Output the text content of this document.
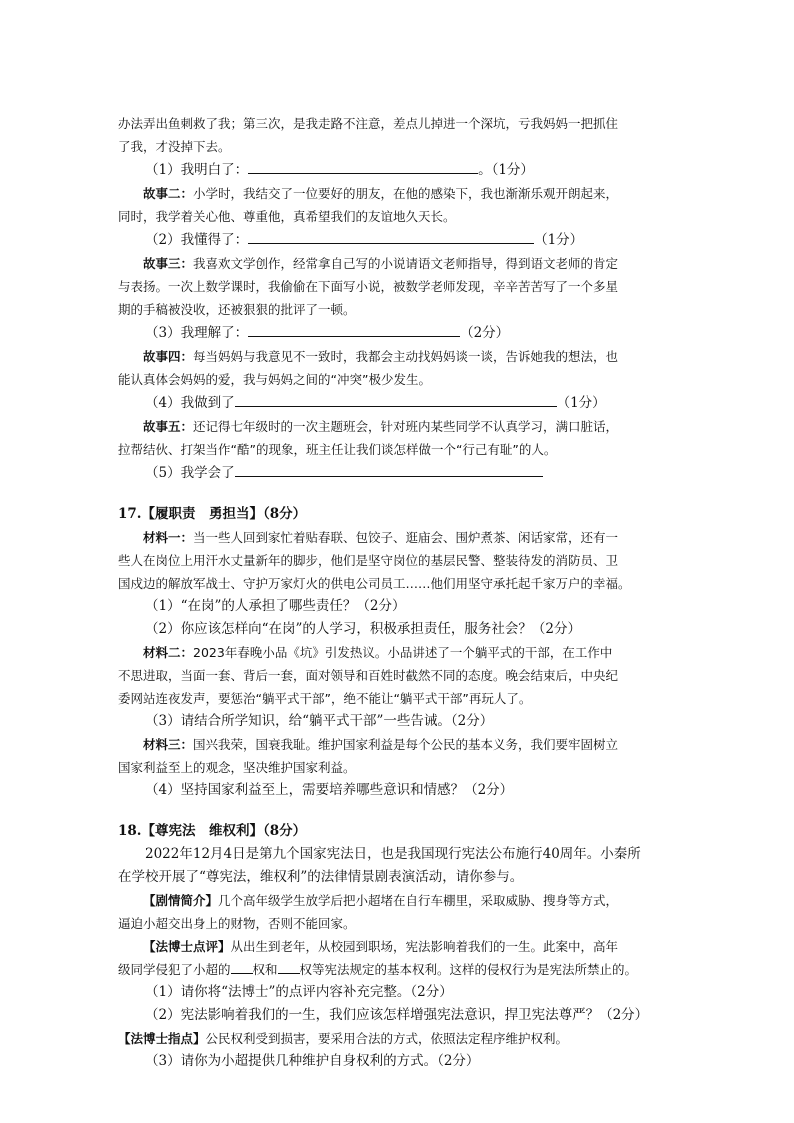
办法弄出鱼刺救了我；第三次，是我走路不注意，差点儿掉进一个深坑，亏我妈妈一把抓住

了我，才没掉下去。

（1）我明白了：	。（1分）

故事二：小学时，我结交了一位要好的朋友，在他的感染下，我也渐渐乐观开朗起来，

同时，我学着关心他、尊重他，真希望我们的友谊地久天长。

（2）我懂得了：	（1分）

故事三：我喜欢文学创作，经常拿自己写的小说请语文老师指导，得到语文老师的肯定

与表扬。一次上数学课时，我偷偷在下面写小说，被数学老师发现，辛辛苦苦写了一个多星

期的手稿被没收，还被狠狠的批评了一顿。

（3）我理解了：	（2分）

故事四：每当妈妈与我意见不一致时，我都会主动找妈妈谈一谈，告诉她我的想法，也

能认真体会妈妈的爱，我与妈妈之间的“冲突”极少发生。

（4）我做到了	（1分）

故事五：还记得七年级时的一次主题班会，针对班内某些同学不认真学习，满口脏话，

拉帮结伙、打架当作“酷”的现象，班主任让我们谈怎样做一个“行己有耻”的人。

（5）我学会了

17.【履职责　勇担当】（8分）

材料一：当一些人回到家忙着贴春联、包饺子、逛庙会、围炉煮茶、闲话家常，还有一

些人在岗位上用汗水丈量新年的脚步，他们是坚守岗位的基层民警、整装待发的消防员、卫

国戍边的解放军战士、守护万家灯火的供电公司员工……他们用坚守承托起千家万户的幸福。

（1）“在岗”的人承担了哪些责任？（2分）

（2）你应该怎样向“在岗”的人学习，积极承担责任，服务社会？（2分）

材料二：2023年春晚小品《坑》引发热议。小品讲述了一个躺平式的干部，在工作中

不思进取，当面一套、背后一套，面对领导和百姓时截然不同的态度。晚会结束后，中央纪

委网站连夜发声，要惩治“躺平式干部”，绝不能让“躺平式干部”再玩人了。

（3）请结合所学知识，给“躺平式干部”一些告诫。（2分）

材料三：国兴我荣，国衰我耻。维护国家利益是每个公民的基本义务，我们要牢固树立

国家利益至上的观念，坚决维护国家利益。

（4）坚持国家利益至上，需要培养哪些意识和情感？（2分）

18.【尊宪法　维权利】（8分）

2022年12月4日是第九个国家宪法日，也是我国现行宪法公布施行40周年。小秦所

在学校开展了“尊宪法，维权利”的法律情景剧表演活动，请你参与。

【剧情简介】几个高年级学生放学后把小超堵在自行车棚里，采取威胁、搜身等方式，

逼迫小超交出身上的财物，否则不能回家。

【法博士点评】从出生到老年，从校园到职场，宪法影响着我们的一生。此案中，高年

级同学侵犯了小超的 权和 权等宪法规定的基本权利。这样的侵权行为是宪法所禁止的。

（1）请你将“法博士”的点评内容补充完整。（2分）

（2）宪法影响着我们的一生，我们应该怎样增强宪法意识，捍卫宪法尊严？（2分）

【法博士指点】公民权利受到损害，要采用合法的方式，依照法定程序维护权利。

（3）请你为小超提供几种维护自身权利的方式。（2分）
